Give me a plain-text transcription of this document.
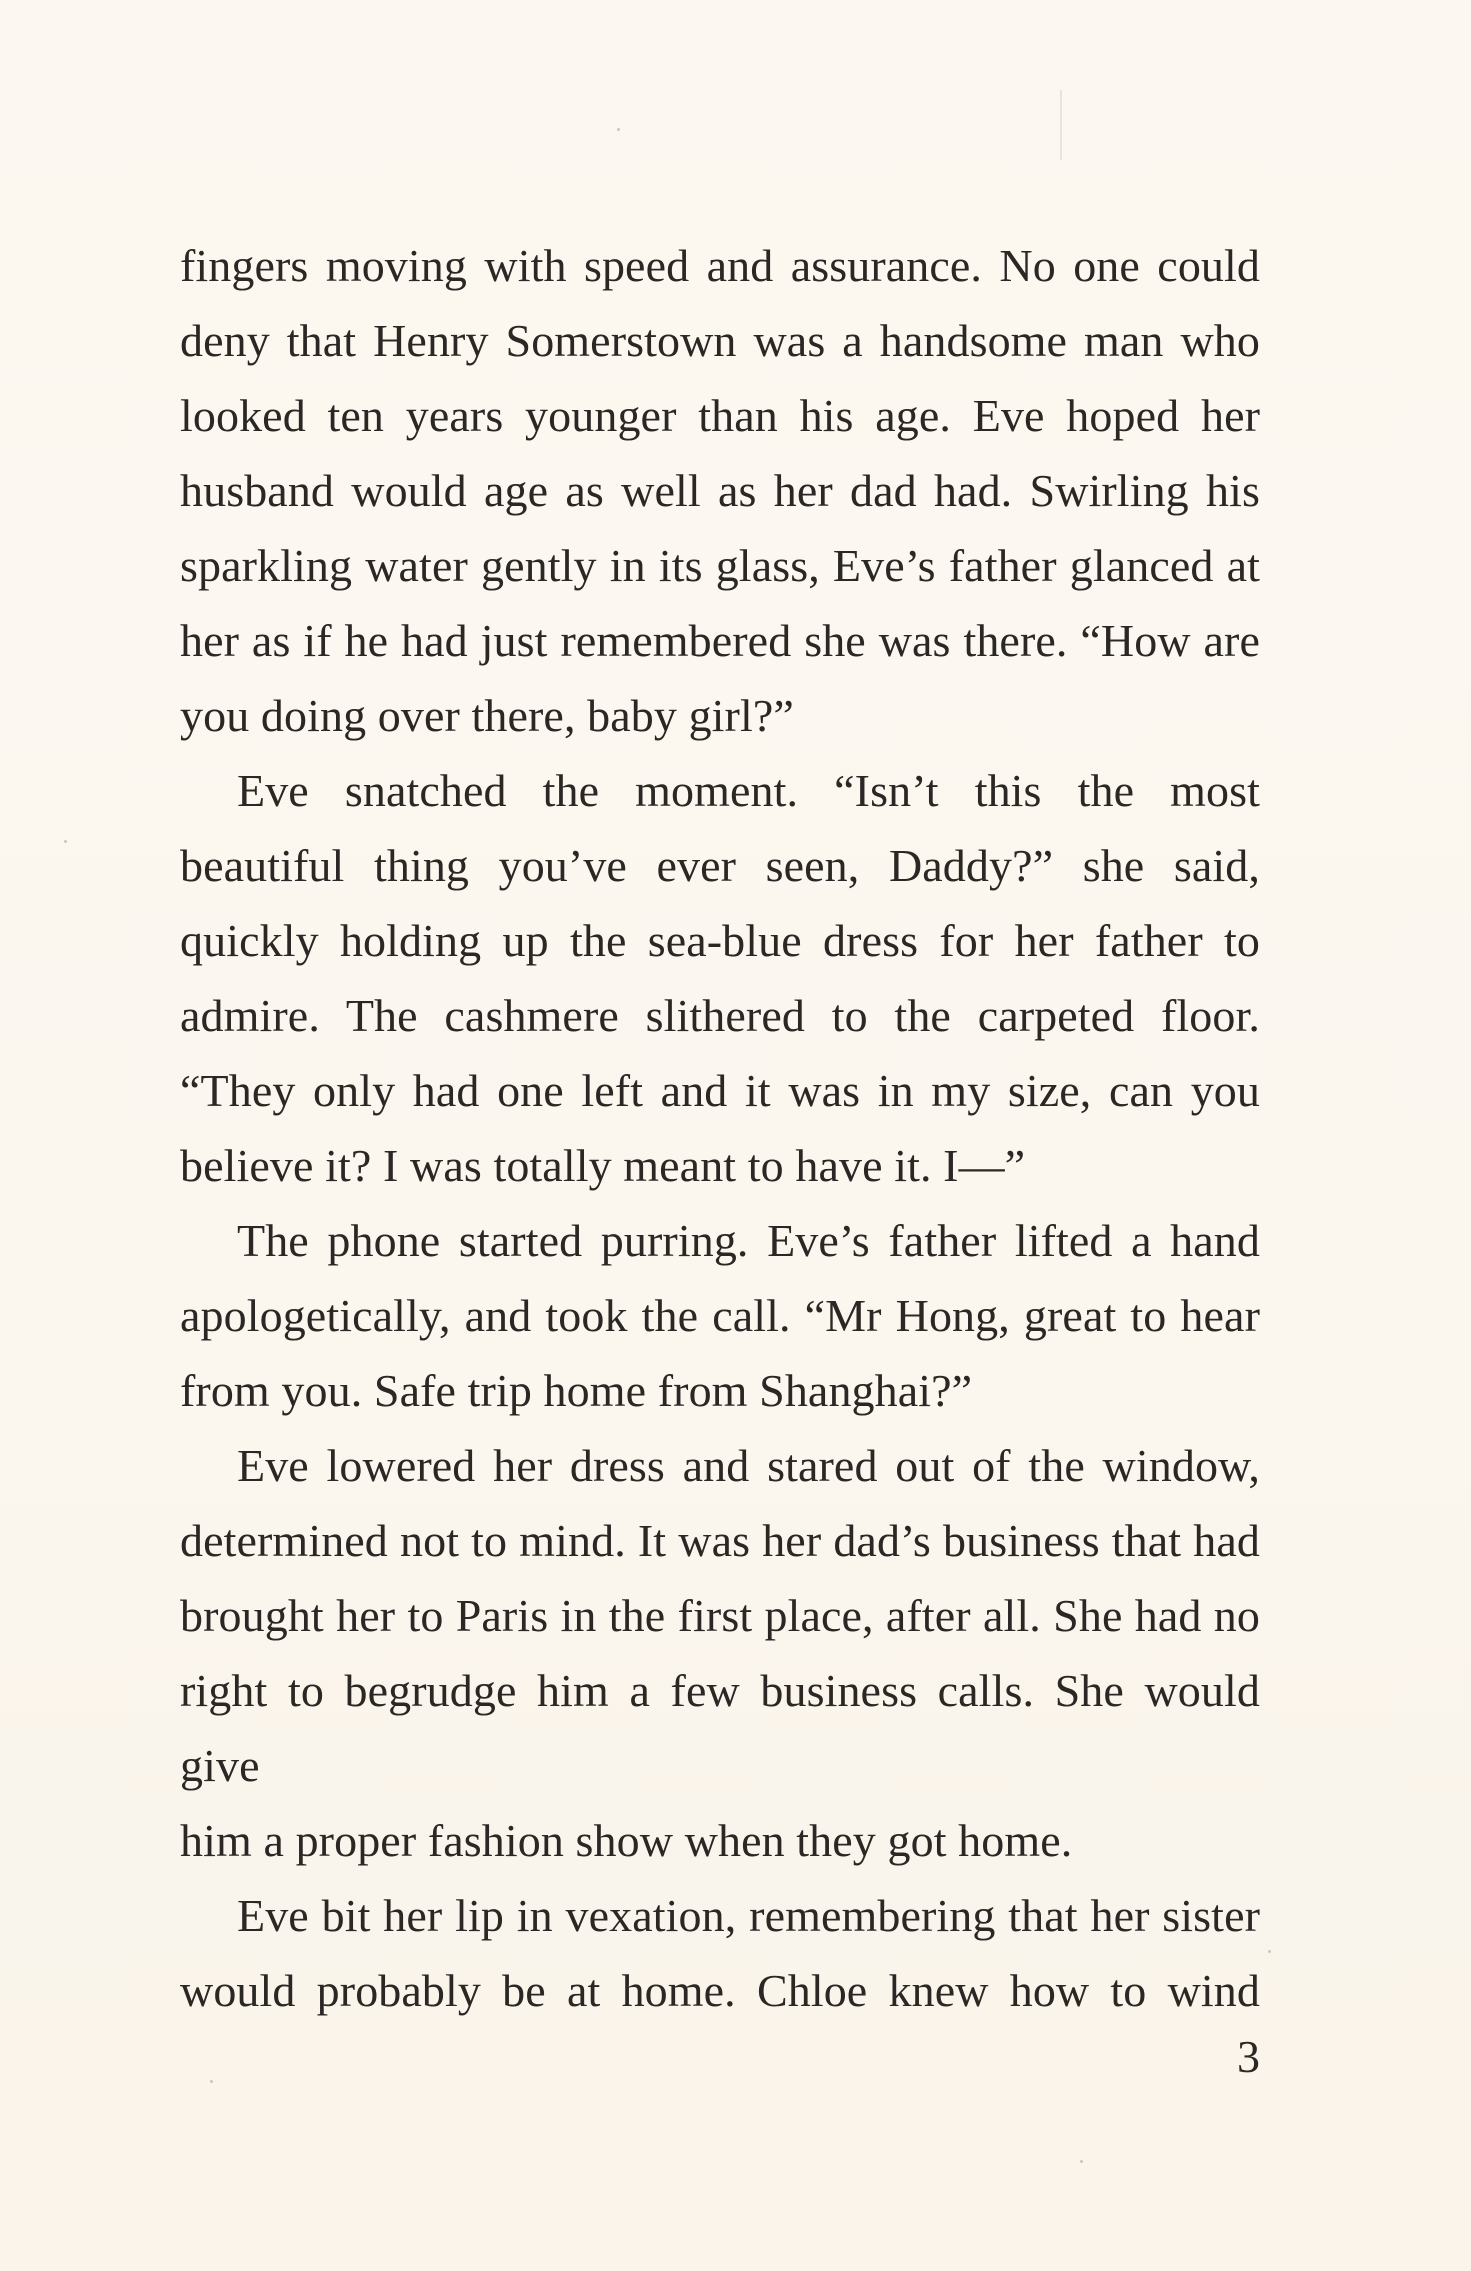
fingers moving with speed and assurance. No one could
deny that Henry Somerstown was a handsome man who
looked ten years younger than his age. Eve hoped her
husband would age as well as her dad had. Swirling his
sparkling water gently in its glass, Eve’s father glanced at
her as if he had just remembered she was there. “How are
you doing over there, baby girl?”
Eve snatched the moment. “Isn’t this the most
beautiful thing you’ve ever seen, Daddy?” she said,
quickly holding up the sea-blue dress for her father to
admire. The cashmere slithered to the carpeted floor.
“They only had one left and it was in my size, can you
believe it? I was totally meant to have it. I—”
The phone started purring. Eve’s father lifted a hand
apologetically, and took the call. “Mr Hong, great to hear
from you. Safe trip home from Shanghai?”
Eve lowered her dress and stared out of the window,
determined not to mind. It was her dad’s business that had
brought her to Paris in the first place, after all. She had no
right to begrudge him a few business calls. She would give
him a proper fashion show when they got home.
Eve bit her lip in vexation, remembering that her sister
would probably be at home. Chloe knew how to wind
3
